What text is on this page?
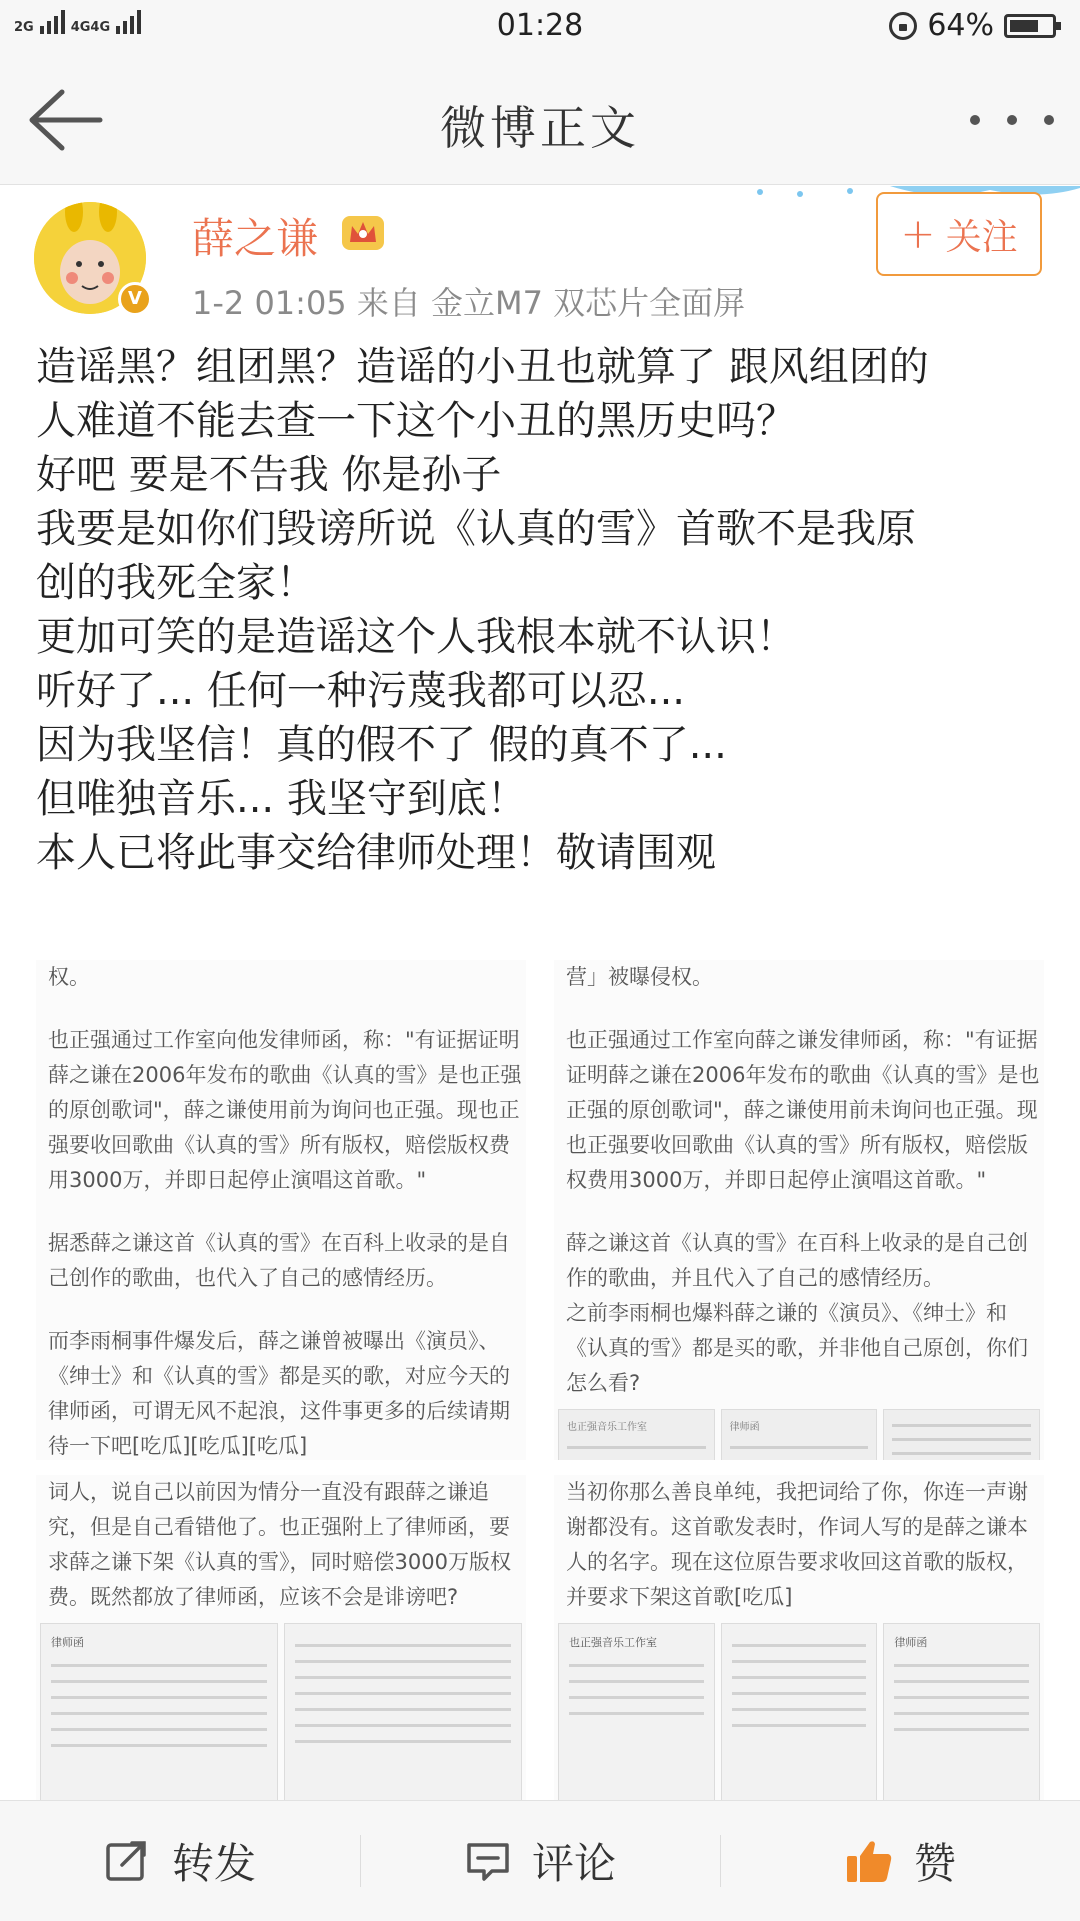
2G	4G4G	01:28	64%
微博正文
V
薛之谦
1-2 01:05 来自 金立M7 双芯片全面屏
+ 关注
造谣黑？组团黑？造谣的小丑也就算了 跟风组团的
人难道不能去查一下这个小丑的黑历史吗？
好吧 要是不告我 你是孙子
我要是如你们毁谤所说《认真的雪》首歌不是我原
创的我死全家！
更加可笑的是造谣这个人我根本就不认识！
听好了... 任何一种污蔑我都可以忍...
因为我坚信！真的假不了 假的真不了...
但唯独音乐... 我坚守到底！
本人已将此事交给律师处理！敬请围观
权。
也正强通过工作室向他发律师函，称："有证据证明
薛之谦在2006年发布的歌曲《认真的雪》是也正强
的原创歌词"，薛之谦使用前为询问也正强。现也正
强要收回歌曲《认真的雪》所有版权，赔偿版权费
用3000万，并即日起停止演唱这首歌。"
据悉薛之谦这首《认真的雪》在百科上收录的是自
己创作的歌曲，也代入了自己的感情经历。
而李雨桐事件爆发后，薛之谦曾被曝出《演员》、
《绅士》和《认真的雪》都是买的歌，对应今天的
律师函，可谓无风不起浪，这件事更多的后续请期
待一下吧[吃瓜][吃瓜][吃瓜]
营」被曝侵权。
也正强通过工作室向薛之谦发律师函，称："有证据
证明薛之谦在2006年发布的歌曲《认真的雪》是也
正强的原创歌词"，薛之谦使用前未询问也正强。现
也正强要收回歌曲《认真的雪》所有版权，赔偿版
权费用3000万，并即日起停止演唱这首歌。"
薛之谦这首《认真的雪》在百科上收录的是自己创
作的歌曲，并且代入了自己的感情经历。
之前李雨桐也爆料薛之谦的《演员》、《绅士》和
《认真的雪》都是买的歌，并非他自己原创，你们
怎么看?
也正强音乐工作室	律师函
词人，说自己以前因为情分一直没有跟薛之谦追
究，但是自己看错他了。也正强附上了律师函，要
求薛之谦下架《认真的雪》，同时赔偿3000万版权
费。既然都放了律师函，应该不会是诽谤吧?
律师函
当初你那么善良单纯，我把词给了你，你连一声谢
谢都没有。这首歌发表时，作词人写的是薛之谦本
人的名字。现在这位原告要求收回这首歌的版权，
并要求下架这首歌[吃瓜]
也正强音乐工作室	律师函
转发	评论	赞
